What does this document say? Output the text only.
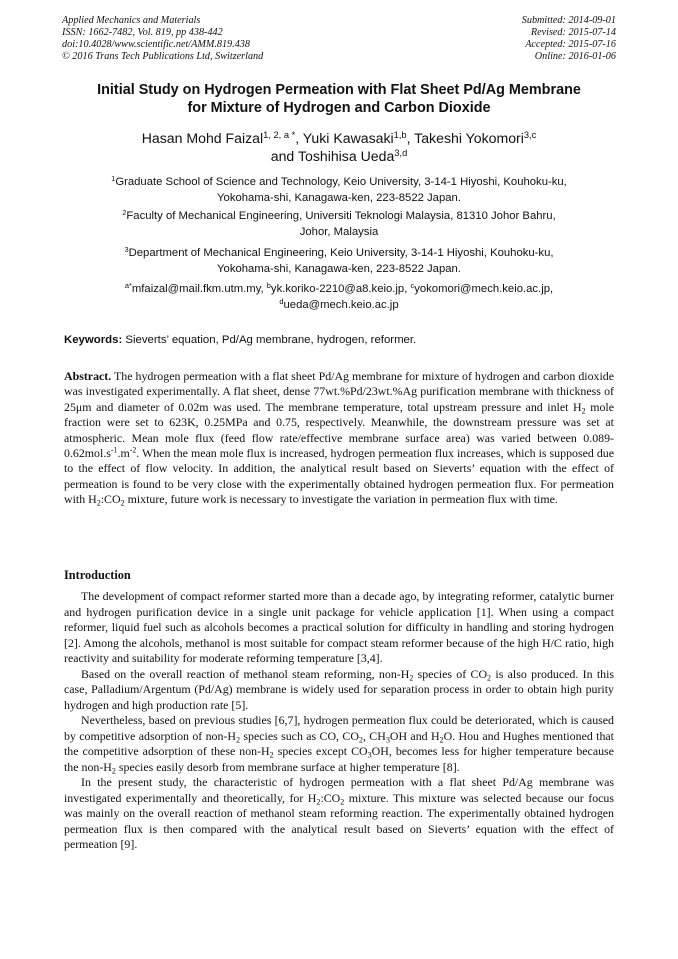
Applied Mechanics and Materials
ISSN: 1662-7482, Vol. 819, pp 438-442
doi:10.4028/www.scientific.net/AMM.819.438
© 2016 Trans Tech Publications Ltd, Switzerland
Submitted: 2014-09-01
Revised: 2015-07-14
Accepted: 2015-07-16
Online: 2016-01-06
Initial Study on Hydrogen Permeation with Flat Sheet Pd/Ag Membrane
for Mixture of Hydrogen and Carbon Dioxide
Hasan Mohd Faizal$^{1, 2, a *}$, Yuki Kawasaki$^{1,b}$, Takeshi Yokomori$^{3,c}$
and Toshihisa Ueda$^{3,d}$
$^1$Graduate School of Science and Technology, Keio University, 3-14-1 Hiyoshi, Kouhoku-ku,
Yokohama-shi, Kanagawa-ken, 223-8522 Japan.
$^2$Faculty of Mechanical Engineering, Universiti Teknologi Malaysia, 81310 Johor Bahru,
Johor, Malaysia
$^3$Department of Mechanical Engineering, Keio University, 3-14-1 Hiyoshi, Kouhoku-ku,
Yokohama-shi, Kanagawa-ken, 223-8522 Japan.
$^{a*}$mfaizal@mail.fkm.utm.my, $^b$yk.koriko-2210@a8.keio.jp, $^c$yokomori@mech.keio.ac.jp,
$^d$ueda@mech.keio.ac.jp
Keywords: Sieverts’ equation, Pd/Ag membrane, hydrogen, reformer.
Abstract. The hydrogen permeation with a flat sheet Pd/Ag membrane for mixture of hydrogen and carbon dioxide was investigated experimentally. A flat sheet, dense 77wt.%Pd/23wt.%Ag purification membrane with thickness of 25μm and diameter of 0.02m was used. The membrane temperature, total upstream pressure and inlet $H_2$ mole fraction were set to 623K, 0.25MPa and 0.75, respectively. Meanwhile, the downstream pressure was set at atmospheric. Mean mole flux (feed flow rate/effective membrane surface area) was varied between $0.089-0.62mol.s^{-1}.m^{-2}$. When the mean mole flux is increased, hydrogen permeation flux increases, which is supposed due to the effect of flow velocity. In addition, the analytical result based on Sieverts’ equation with the effect of permeation is found to be very close with the experimentally obtained hydrogen permeation flux. For permeation with $H_2:CO_2$ mixture, future work is necessary to investigate the variation in permeation flux with time.
Introduction

The development of compact reformer started more than a decade ago, by integrating reformer, catalytic burner and hydrogen purification device in a single unit package for vehicle application [1]. When using a compact reformer, liquid fuel such as alcohols becomes a practical solution for difficulty in handling and storing hydrogen [2]. Among the alcohols, methanol is most suitable for compact steam reformer because of the high H/C ratio, high reactivity and suitability for moderate reforming temperature [3,4].

Based on the overall reaction of methanol steam reforming, non-$H_2$ species of $CO_2$ is also produced. In this case, Palladium/Argentum (Pd/Ag) membrane is widely used for separation process in order to obtain high purity hydrogen and high production rate [5].

Nevertheless, based on previous studies [6,7], hydrogen permeation flux could be deteriorated, which is caused by competitive adsorption of non-$H_2$ species such as CO, $CO_2$, $CH_3OH$ and $H_2O$. Hou and Hughes mentioned that the competitive adsorption of these non-$H_2$ species except $CO_3OH$, becomes less for higher temperature because the non-$H_2$ species easily desorb from membrane surface at higher temperature [8].

In the present study, the characteristic of hydrogen permeation with a flat sheet Pd/Ag membrane was investigated experimentally and theoretically, for $H_2:CO_2$ mixture. This mixture was selected because our focus was mainly on the overall reaction of methanol steam reforming reaction. The experimentally obtained hydrogen permeation flux is then compared with the analytical result based on Sieverts’ equation with the effect of permeation [9].
